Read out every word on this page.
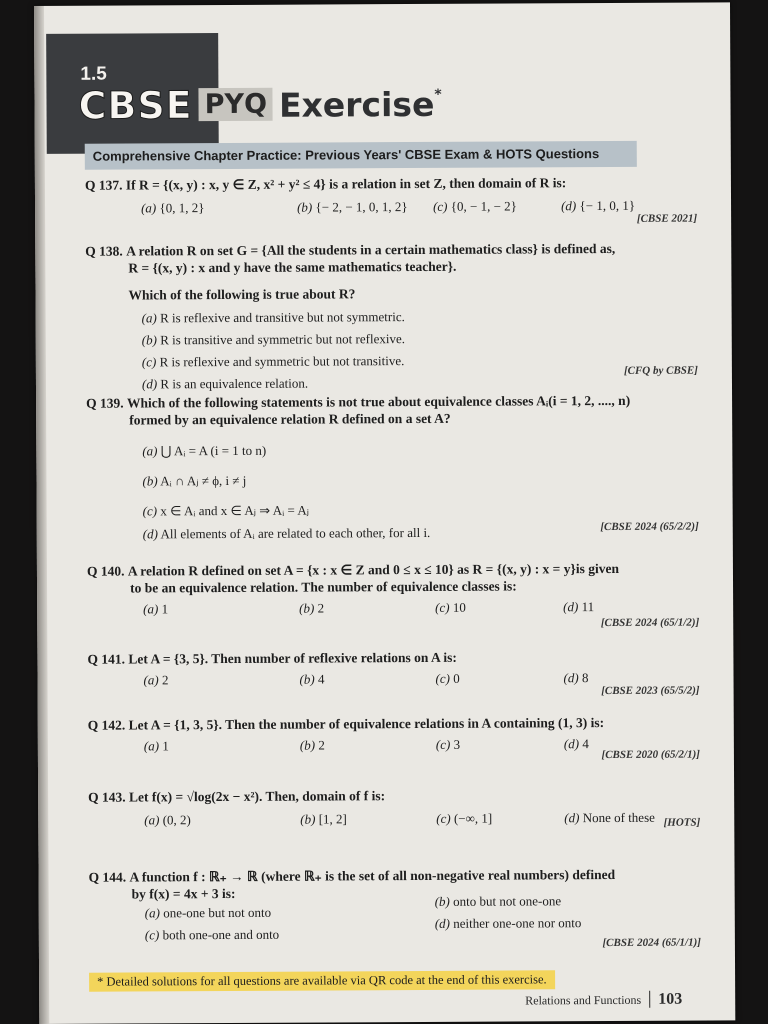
1.5
CBSE PYQ Exercise*
Comprehensive Chapter Practice: Previous Years' CBSE Exam & HOTS Questions
Q 137. If R = {(x, y) : x, y ∈ Z, x² + y² ≤ 4} is a relation in set Z, then domain of R is:
(a) {0, 1, 2}	(b) {− 2, − 1, 0, 1, 2} (c) {0, − 1, − 2}	(d) {− 1, 0, 1}
[CBSE 2021]
Q 138. A relation R on set G = {All the students in a certain mathematics class} is defined as,
R = {(x, y) : x and y have the same mathematics teacher}.
Which of the following is true about R?
(a) R is reflexive and transitive but not symmetric.
(b) R is transitive and symmetric but not reflexive.
(c) R is reflexive and symmetric but not transitive.
(d) R is an equivalence relation.
[CFQ by CBSE]
Q 139. Which of the following statements is not true about equivalence classes Aᵢ(i = 1, 2, ...., n)
formed by an equivalence relation R defined on a set A?
(a) ⋃ Aᵢ = A (i = 1 to n)
(b) Aᵢ ∩ Aⱼ ≠ ϕ, i ≠ j
(c) x ∈ Aᵢ and x ∈ Aⱼ ⇒ Aᵢ = Aⱼ
(d) All elements of Aᵢ are related to each other, for all i.	[CBSE 2024 (65/2/2)]
Q 140. A relation R defined on set A = {x : x ∈ Z and 0 ≤ x ≤ 10} as R = {(x, y) : x = y}is given
to be an equivalence relation. The number of equivalence classes is:
(a) 1	(b) 2	(c) 10	(d) 11
[CBSE 2024 (65/1/2)]
Q 141. Let A = {3, 5}. Then number of reflexive relations on A is:
(a) 2	(b) 4	(c) 0	(d) 8
[CBSE 2023 (65/5/2)]
Q 142. Let A = {1, 3, 5}. Then the number of equivalence relations in A containing (1, 3) is:
(a) 1	(b) 2	(c) 3	(d) 4
[CBSE 2020 (65/2/1)]
Q 143. Let f(x) = √log(2x − x²). Then, domain of f is:
(a) (0, 2)	(b) [1, 2]	(c) (−∞, 1]	(d) None of these [HOTS]
Q 144. A function f : ℝ₊ → ℝ (where ℝ₊ is the set of all non-negative real numbers) defined
by f(x) = 4x + 3 is:
(a) one-one but not onto
(b) onto but not one-one
(c) both one-one and onto
(d) neither one-one nor onto
[CBSE 2024 (65/1/1)]
* Detailed solutions for all questions are available via QR code at the end of this exercise.
Relations and Functions 103
